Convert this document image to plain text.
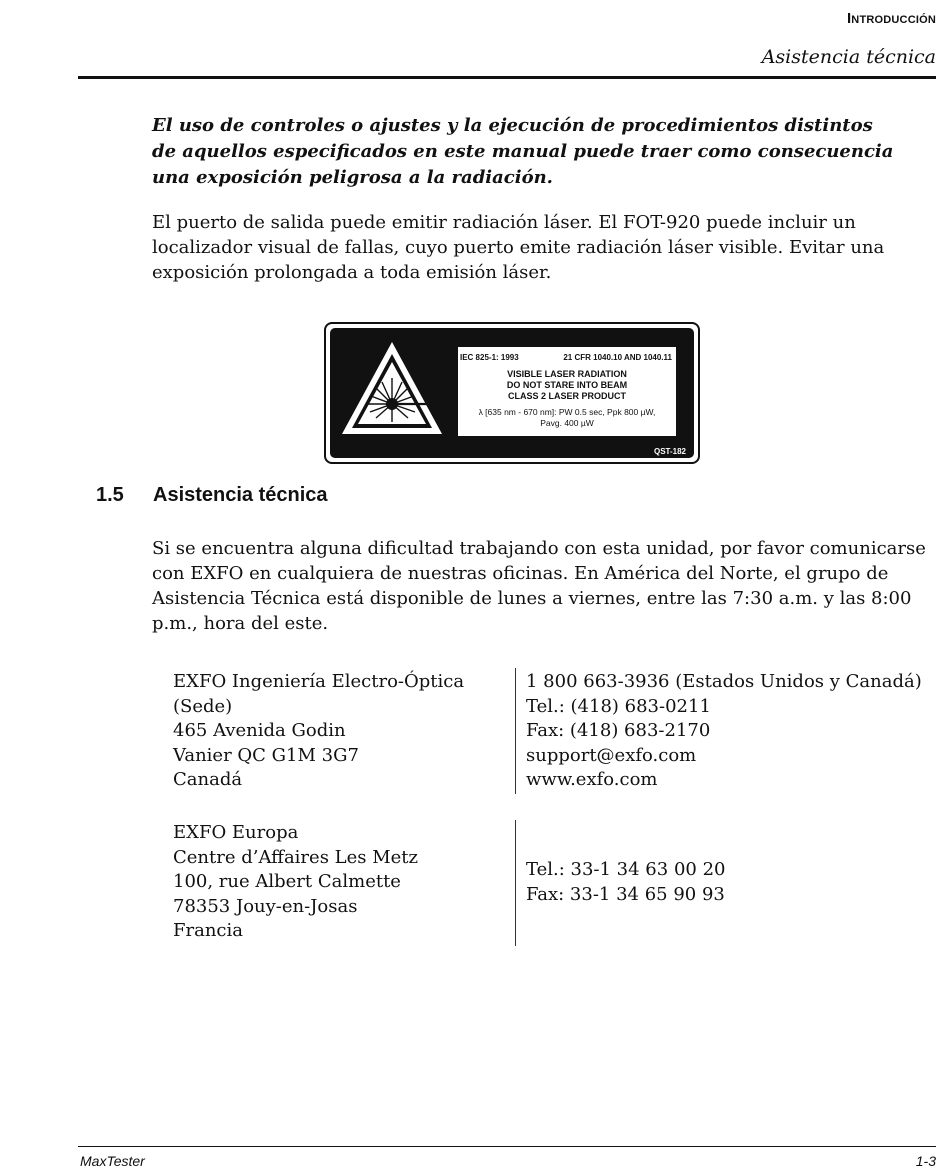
Introducción
Asistencia técnica
El uso de controles o ajustes y la ejecución de procedimientos distintos de aquellos especificados en este manual puede traer como consecuencia una exposición peligrosa a la radiación.
El puerto de salida puede emitir radiación láser. El FOT-920 puede incluir un localizador visual de fallas, cuyo puerto emite radiación láser visible. Evitar una exposición prolongada a toda emisión láser.
IEC 825-1: 1993	21 CFR 1040.10 AND 1040.11
VISIBLE LASER RADIATION
DO NOT STARE INTO BEAM
CLASS 2 LASER PRODUCT
λ [635 nm - 670 nm]: PW 0.5 sec, Ppk 800 µW,
Pavg. 400 µW
QST-182
1.5 Asistencia técnica
Si se encuentra alguna dificultad trabajando con esta unidad, por favor comunicarse con EXFO en cualquiera de nuestras oficinas. En América del Norte, el grupo de Asistencia Técnica está disponible de lunes a viernes, entre las 7:30 a.m. y las 8:00 p.m., hora del este.
EXFO Ingeniería Electro-Óptica
(Sede)
465 Avenida Godin
Vanier QC G1M 3G7
Canadá
1 800 663-3936 (Estados Unidos y Canadá)
Tel.: (418) 683-0211
Fax: (418) 683-2170
support@exfo.com
www.exfo.com
EXFO Europa
Centre d’Affaires Les Metz
100, rue Albert Calmette
78353 Jouy-en-Josas
Francia
Tel.: 33-1 34 63 00 20
Fax: 33-1 34 65 90 93
MaxTester	1-3
